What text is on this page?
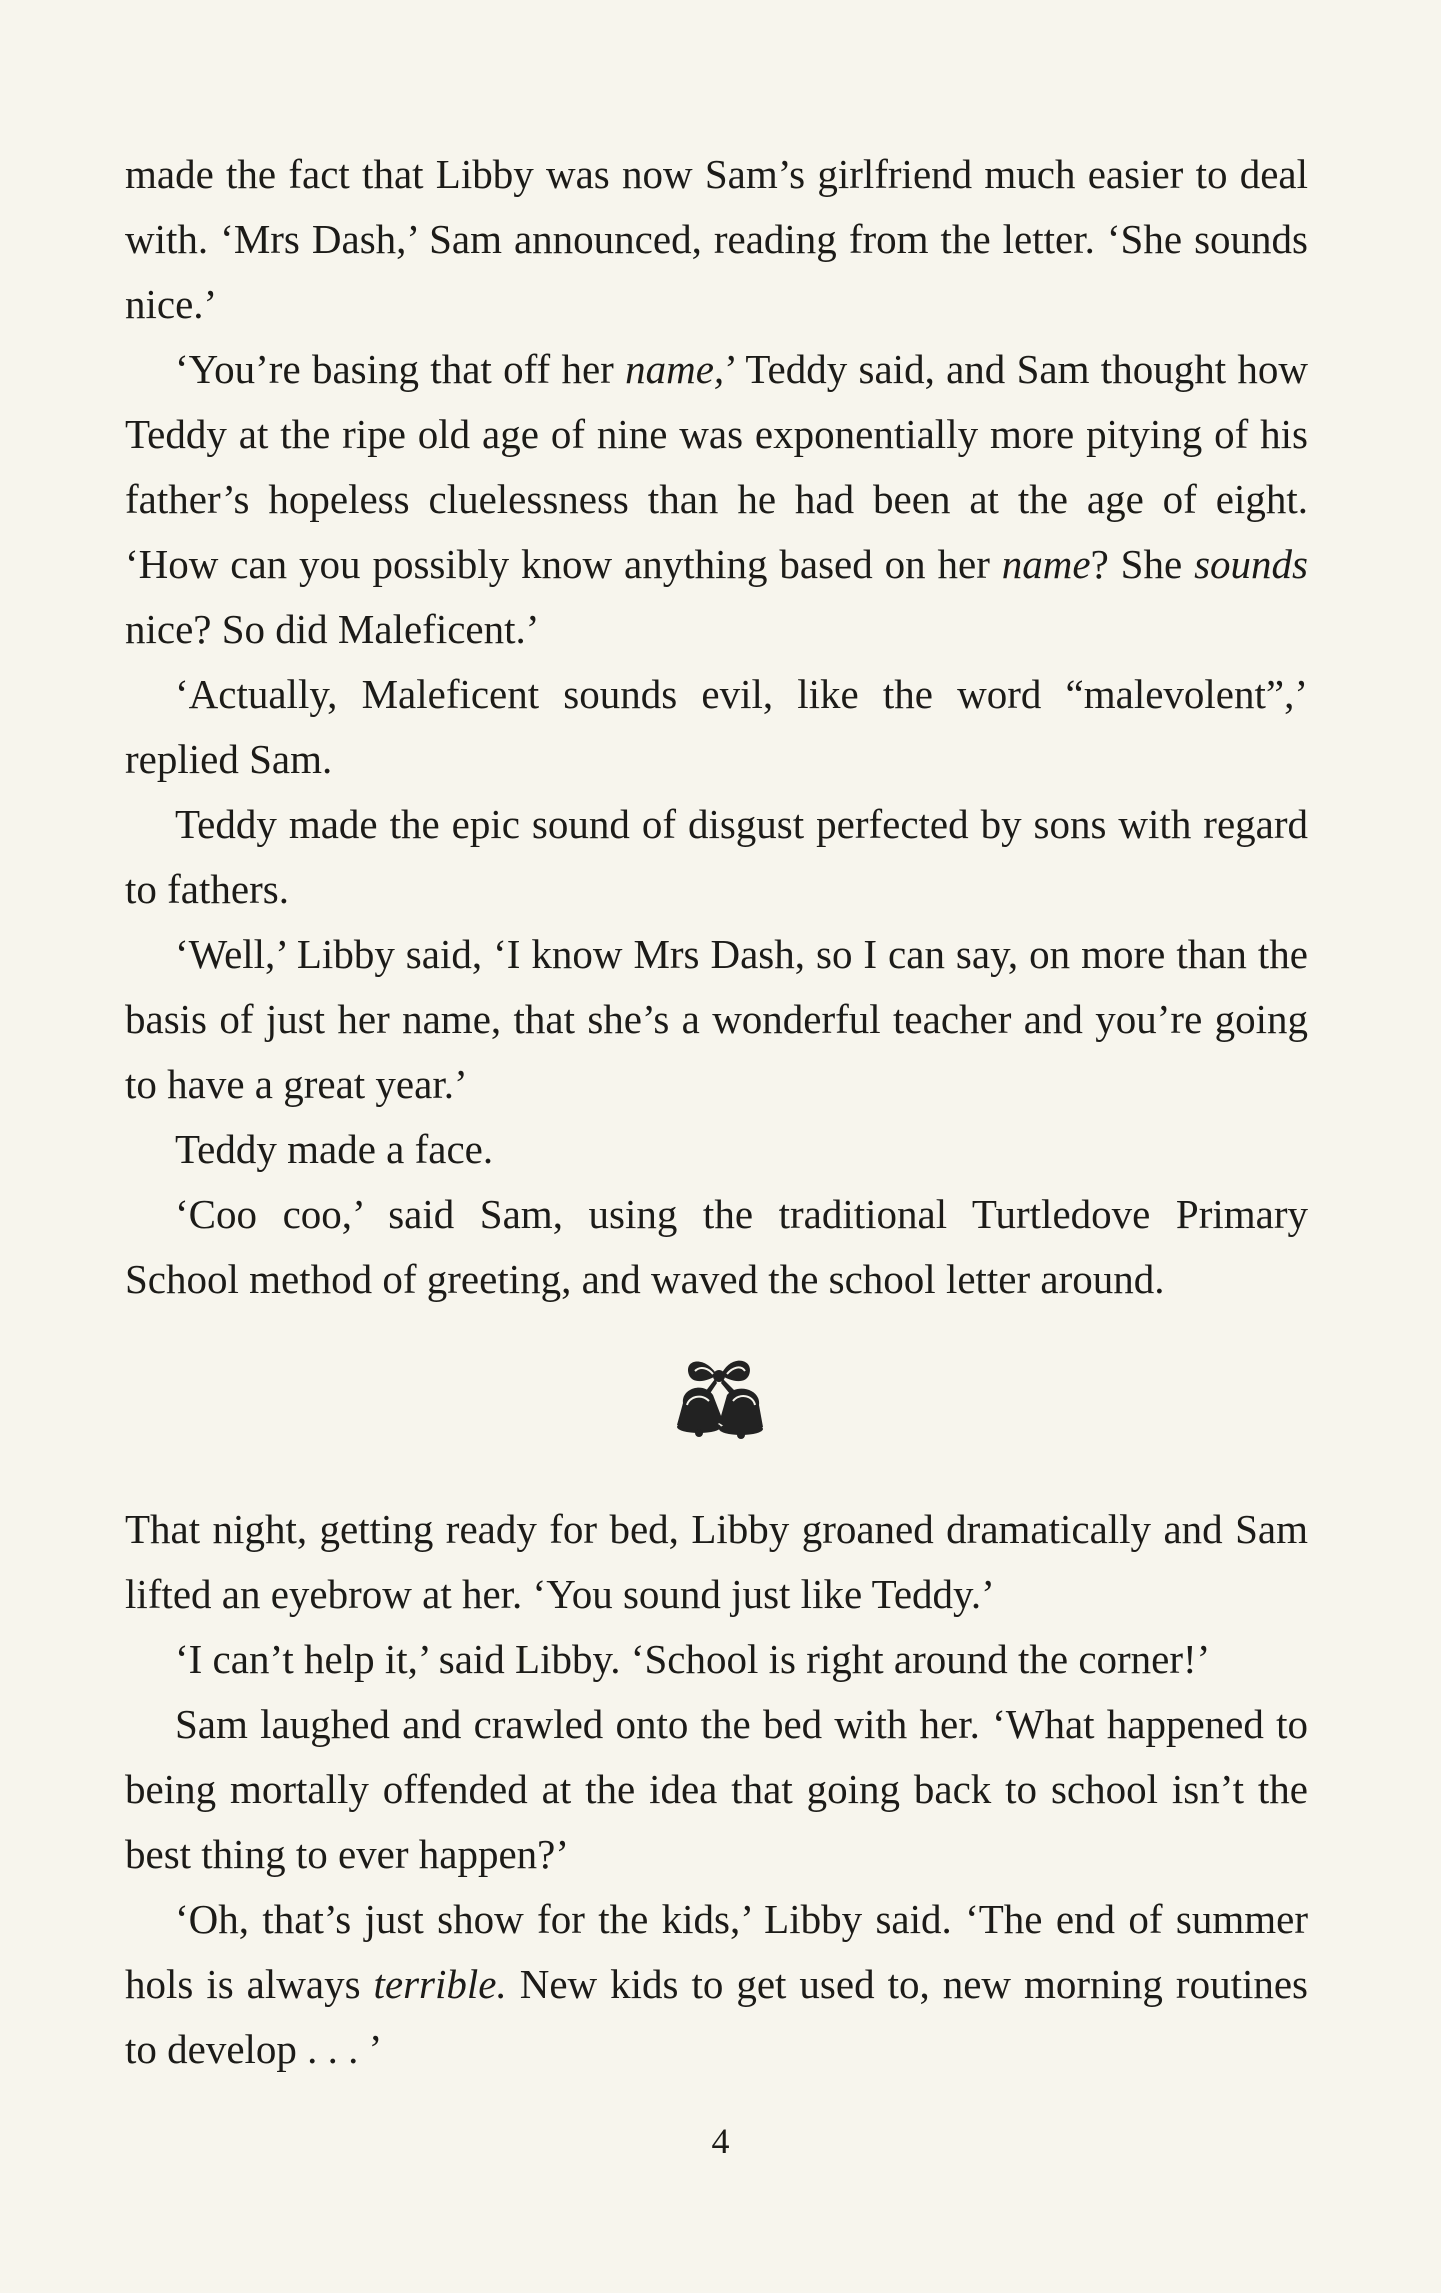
made the fact that Libby was now Sam’s girlfriend much easier to deal with. ‘Mrs Dash,’ Sam announced, reading from the letter. ‘She sounds nice.’

‘You’re basing that off her name,’ Teddy said, and Sam thought how Teddy at the ripe old age of nine was exponentially more pitying of his father’s hopeless cluelessness than he had been at the age of eight. ‘How can you possibly know anything based on her name? She sounds nice? So did Maleficent.’

‘Actually, Maleficent sounds evil, like the word “malevolent”,’ replied Sam.

Teddy made the epic sound of disgust perfected by sons with regard to fathers.

‘Well,’ Libby said, ‘I know Mrs Dash, so I can say, on more than the basis of just her name, that she’s a wonderful teacher and you’re going to have a great year.’

Teddy made a face.

‘Coo coo,’ said Sam, using the traditional Turtledove Primary School method of greeting, and waved the school letter around.

That night, getting ready for bed, Libby groaned dramatically and Sam lifted an eyebrow at her. ‘You sound just like Teddy.’

‘I can’t help it,’ said Libby. ‘School is right around the corner!’

Sam laughed and crawled onto the bed with her. ‘What happened to being mortally offended at the idea that going back to school isn’t the best thing to ever happen?’

‘Oh, that’s just show for the kids,’ Libby said. ‘The end of summer hols is always terrible. New kids to get used to, new morning routines to develop . . . ’

4
